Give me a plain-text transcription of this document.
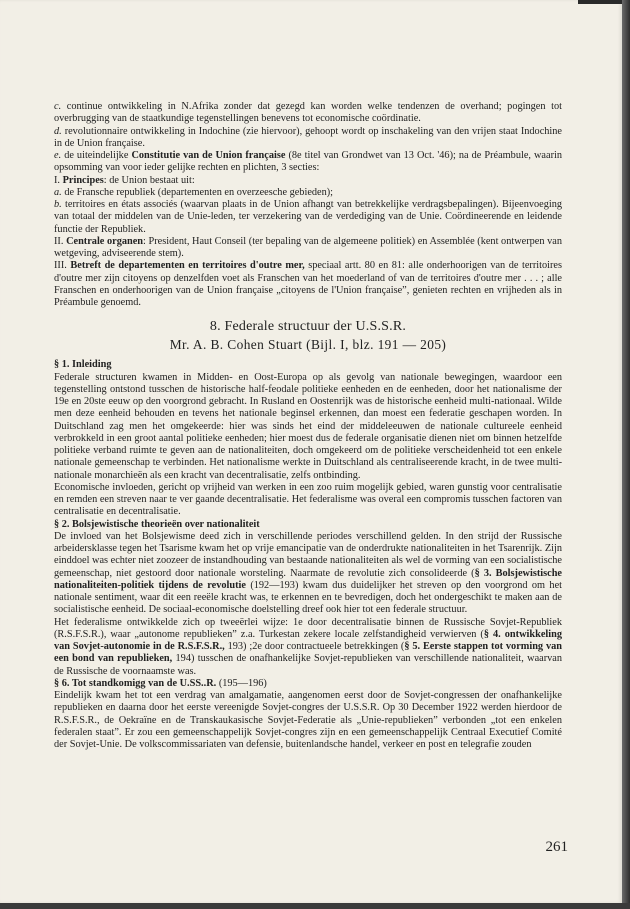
c. continue ontwikkeling in N.Afrika zonder dat gezegd kan worden welke tendenzen de overhand; pogingen tot overbrugging van de staatkundige tegenstellingen benevens tot economische coördinatie.

d. revolutionnaire ontwikkeling in Indochine (zie hiervoor), gehoopt wordt op inschakeling van den vrijen staat Indochine in de Union française.

e. de uiteindelijke Constitutie van de Union française (8e titel van Grondwet van 13 Oct. '46); na de Préambule, waarin opsomming van voor ieder gelijke rechten en plichten, 3 secties:

I. Principes: de Union bestaat uit:

a. de Fransche republiek (departementen en overzeesche gebieden);

b. territoires en états associés (waarvan plaats in de Union afhangt van betrekkelijke verdragsbepalingen). Bijeenvoeging van totaal der middelen van de Unie-leden, ter verzekering van de verdediging van de Unie. Coördineerende en leidende functie der Republiek.

II. Centrale organen: President, Haut Conseil (ter bepaling van de algemeene politiek) en Assemblée (kent ontwerpen van wetgeving, adviseerende stem).

III. Betreft de departementen en territoires d'outre mer, speciaal artt. 80 en 81: alle onderhoorigen van de territoires d'outre mer zijn citoyens op denzelfden voet als Franschen van het moederland of van de territoires d'outre mer . . . ; alle Franschen en onderhoorigen van de Union française „citoyens de l'Union française”, genieten rechten en vrijheden als in Préambule genoemd.

8. Federale structuur der U.S.S.R.
Mr. A. B. Cohen Stuart (Bijl. I, blz. 191 — 205)

§ 1. Inleiding

Federale structuren kwamen in Midden- en Oost-Europa op als gevolg van nationale bewegingen, waardoor een tegenstelling ontstond tusschen de historische half-feodale politieke eenheden en de eenheden, door het nationalisme der 19e en 20ste eeuw op den voorgrond gebracht. In Rusland en Oostenrijk was de historische eenheid multi-nationaal. Wilde men deze eenheid behouden en tevens het nationale beginsel erkennen, dan moest een federatie geschapen worden. In Duitschland zag men het omgekeerde: hier was sinds het eind der middeleeuwen de nationale cultureele eenheid verbrokkeld in een groot aantal politieke eenheden; hier moest dus de federale organisatie dienen niet om binnen hetzelfde politieke verband ruimte te geven aan de nationaliteiten, doch omgekeerd om de politieke verscheidenheid tot een enkele nationale gemeenschap te verbinden. Het nationalisme werkte in Duitschland als centraliseerende kracht, in de twee multi-nationale monarchieën als een kracht van decentralisatie, zelfs ontbinding.

Economische invloeden, gericht op vrijheid van werken in een zoo ruim mogelijk gebied, waren gunstig voor centralisatie en remden een streven naar te ver gaande decentralisatie. Het federalisme was overal een compromis tusschen factoren van centralisatie en decentralisatie.

§ 2. Bolsjewistische theorieën over nationaliteit

De invloed van het Bolsjewisme deed zich in verschillende periodes verschillend gelden. In den strijd der Russische arbeidersklasse tegen het Tsarisme kwam het op vrije emancipatie van de onderdrukte nationaliteiten in het Tsarenrijk. Zijn einddoel was echter niet zoozeer de instandhouding van bestaande nationaliteiten als wel de vorming van een socialistische gemeenschap, niet gestoord door nationale worsteling. Naarmate de revolutie zich consolideerde (§ 3. Bolsjewistische nationaliteiten-politiek tijdens de revolutie (192—193) kwam dus duidelijker het streven op den voorgrond om het nationale sentiment, waar dit een reeële kracht was, te erkennen en te bevredigen, doch het ondergeschikt te maken aan de socialistische eenheid. De sociaal-economische doelstelling dreef ook hier tot een federale structuur.

Het federalisme ontwikkelde zich op tweeërlei wijze: 1e door decentralisatie binnen de Russische Sovjet-Republiek (R.S.F.S.R.), waar „autonome republieken” z.a. Turkestan zekere locale zelfstandigheid verwierven (§ 4. ontwikkeling van Sovjet-autonomie in de R.S.F.S.R., 193) ;2e door contractueele betrekkingen (§ 5. Eerste stappen tot vorming van een bond van republieken, 194) tusschen de onafhankelijke Sovjet-republieken van verschillende nationaliteit, waarvan de Russische de voornaamste was.

§ 6. Tot standkomigg van de U.SS..R. (195—196)

Eindelijk kwam het tot een verdrag van amalgamatie, aangenomen eerst door de Sovjet-congressen der onafhankelijke republieken en daarna door het eerste vereenigde Sovjet-congres der U.S.S.R. Op 30 December 1922 werden hierdoor de R.S.F.S.R., de Oekraïne en de Transkaukasische Sovjet-Federatie als „Unie-republieken” verbonden „tot een enkelen federalen staat”. Er zou een gemeenschappelijk Sovjet-congres zijn en een gemeenschappelijk Centraal Executief Comité der Sovjet-Unie. De volkscommissariaten van defensie, buitenlandsche handel, verkeer en post en telegrafie zouden

261
